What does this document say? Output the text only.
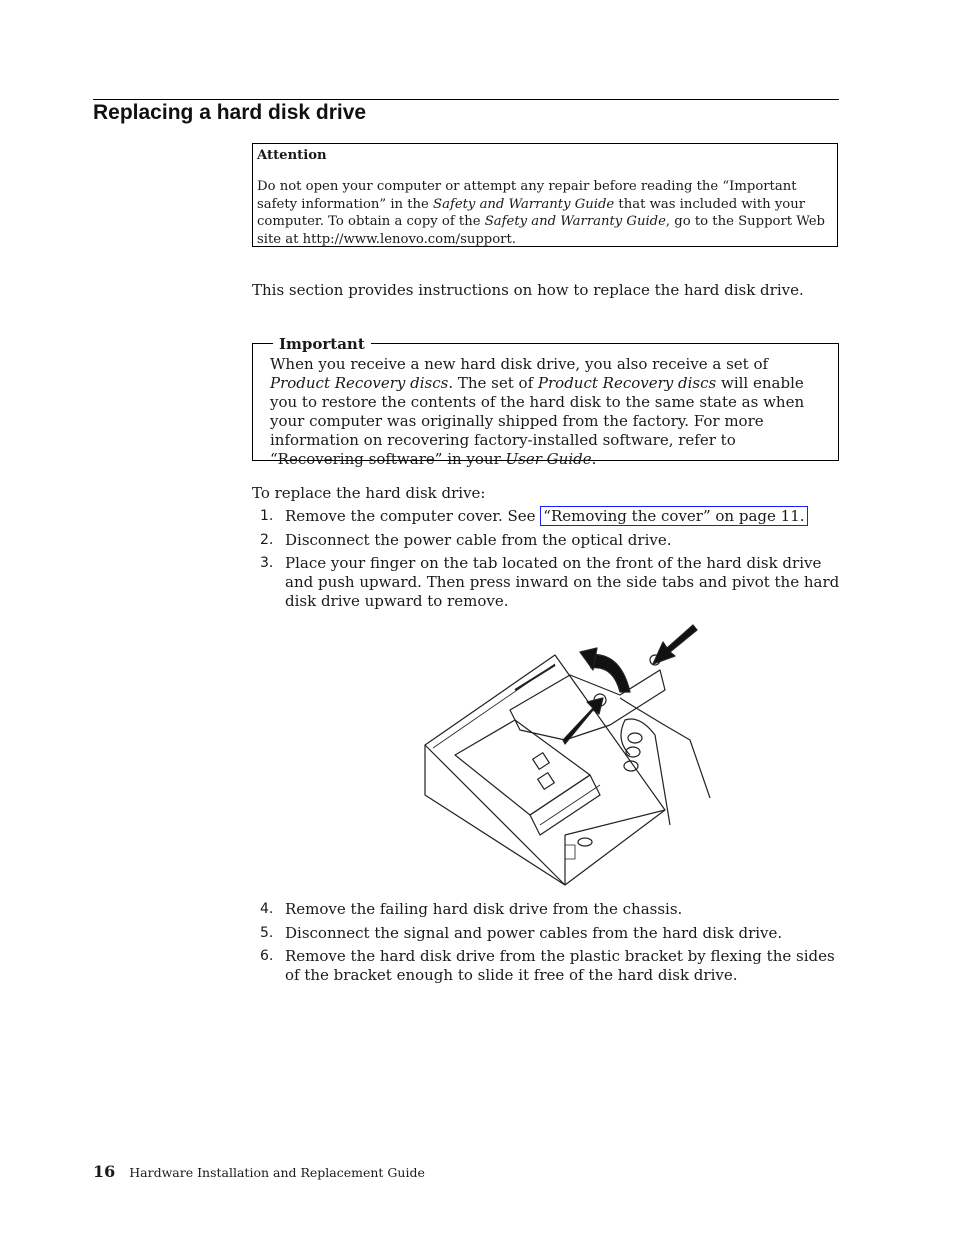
Replacing a hard disk drive
Attention

Do not open your computer or attempt any repair before reading the “Important safety information” in the Safety and Warranty Guide that was included with your computer. To obtain a copy of the Safety and Warranty Guide, go to the Support Web site at http://www.lenovo.com/support.

This section provides instructions on how to replace the hard disk drive.

Important

When you receive a new hard disk drive, you also receive a set of Product Recovery discs. The set of Product Recovery discs will enable you to restore the contents of the hard disk to the same state as when your computer was originally shipped from the factory. For more information on recovering factory-installed software, refer to “Recovering software” in your User Guide.

To replace the hard disk drive:

1. Remove the computer cover. See “Removing the cover” on page 11.
2. Disconnect the power cable from the optical drive.
3. Place your finger on the tab located on the front of the hard disk drive and push upward. Then press inward on the side tabs and pivot the hard disk drive upward to remove.
4. Remove the failing hard disk drive from the chassis.
5. Disconnect the signal and power cables from the hard disk drive.
6. Remove the hard disk drive from the plastic bracket by flexing the sides of the bracket enough to slide it free of the hard disk drive.
16 Hardware Installation and Replacement Guide
